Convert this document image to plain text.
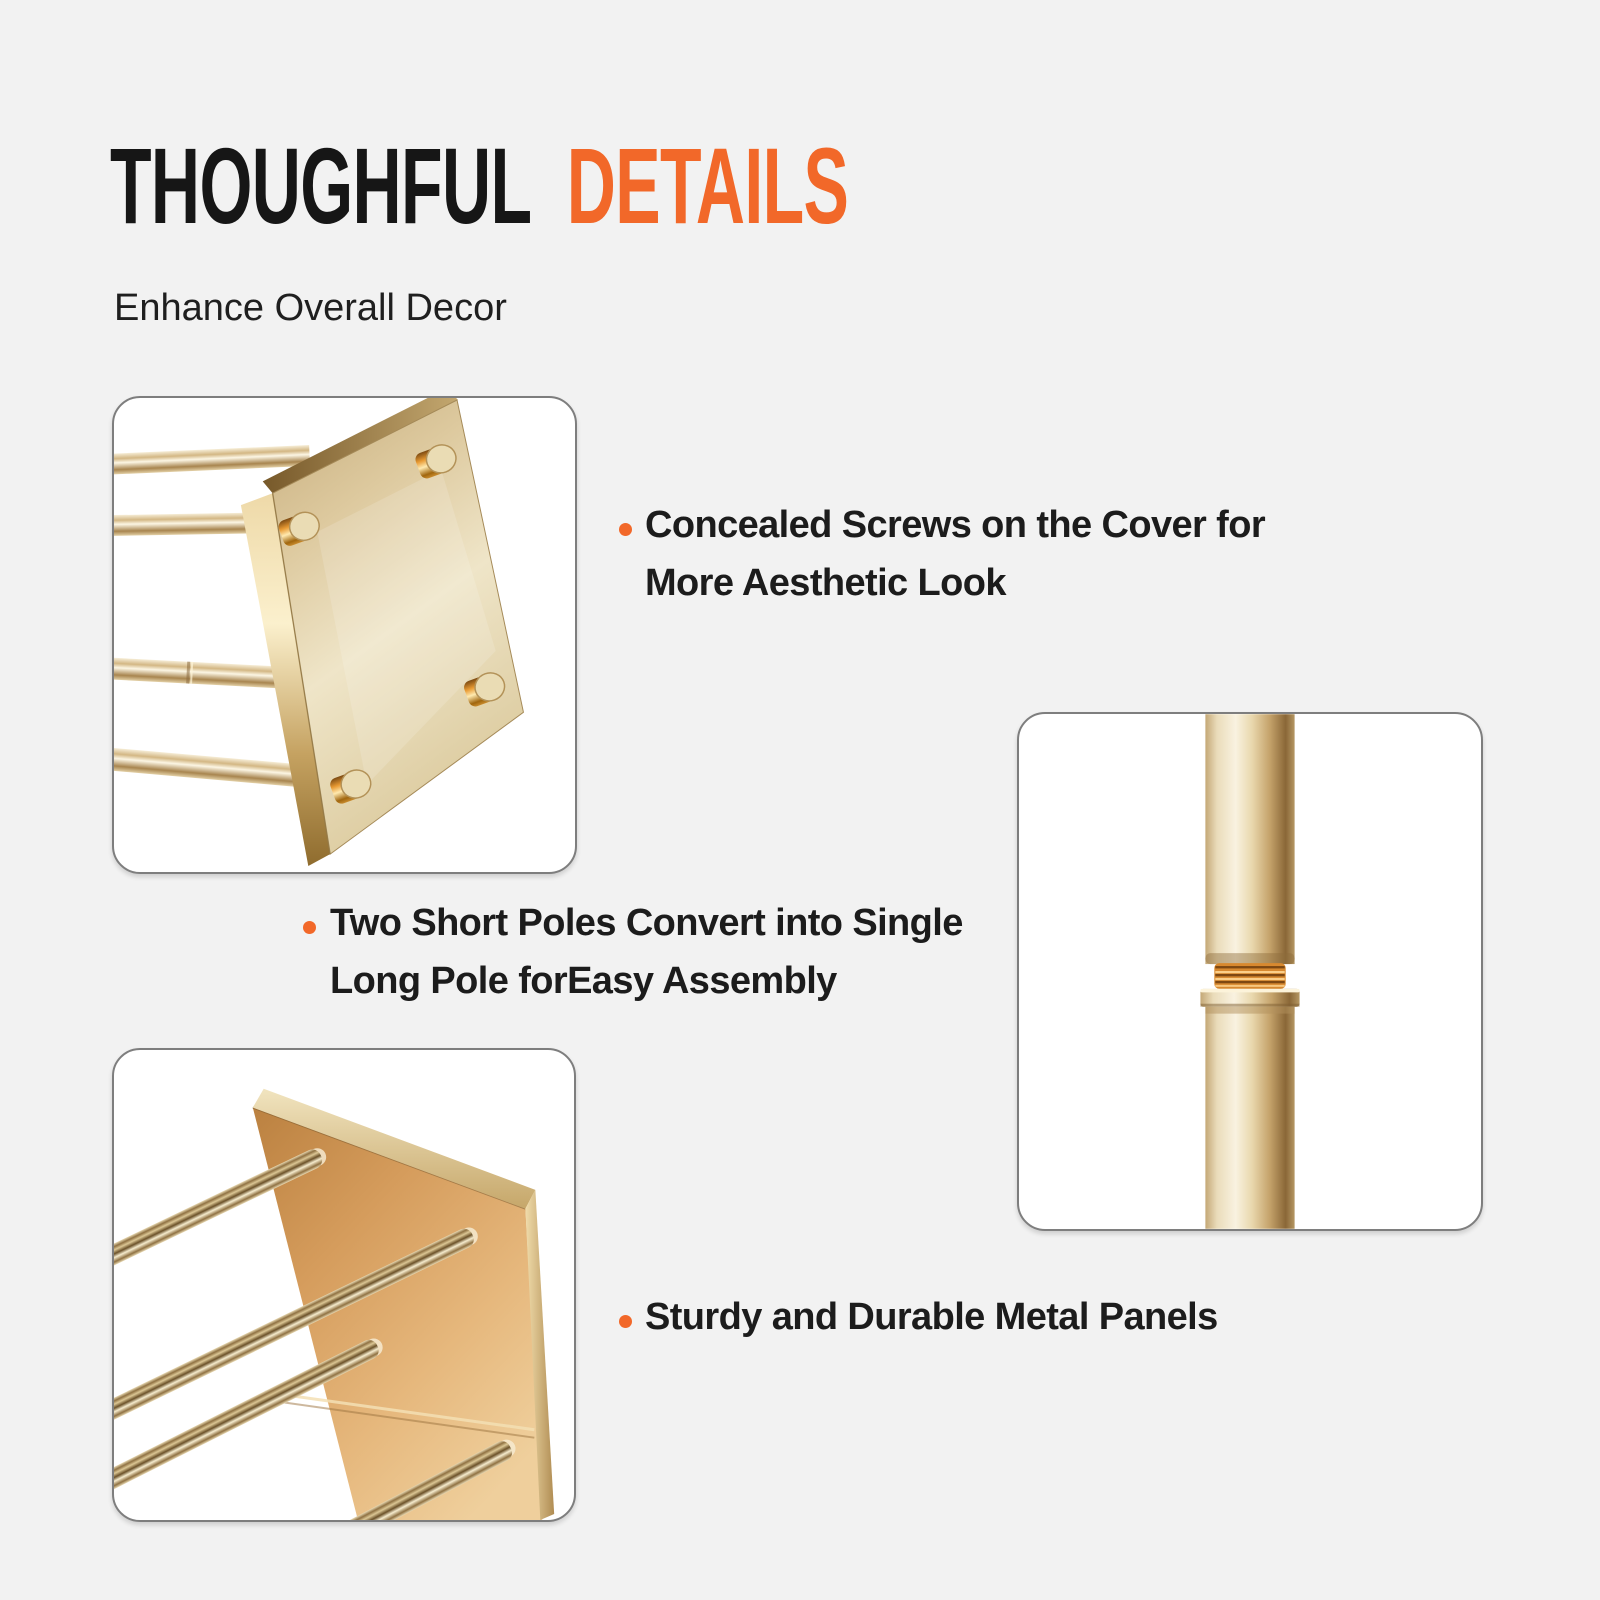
THOUGHFUL DETAILS

Enhance Overall Decor

Concealed Screws on the Cover for
More Aesthetic Look
Two Short Poles Convert into Single
Long Pole forEasy Assembly
Sturdy and Durable Metal Panels
